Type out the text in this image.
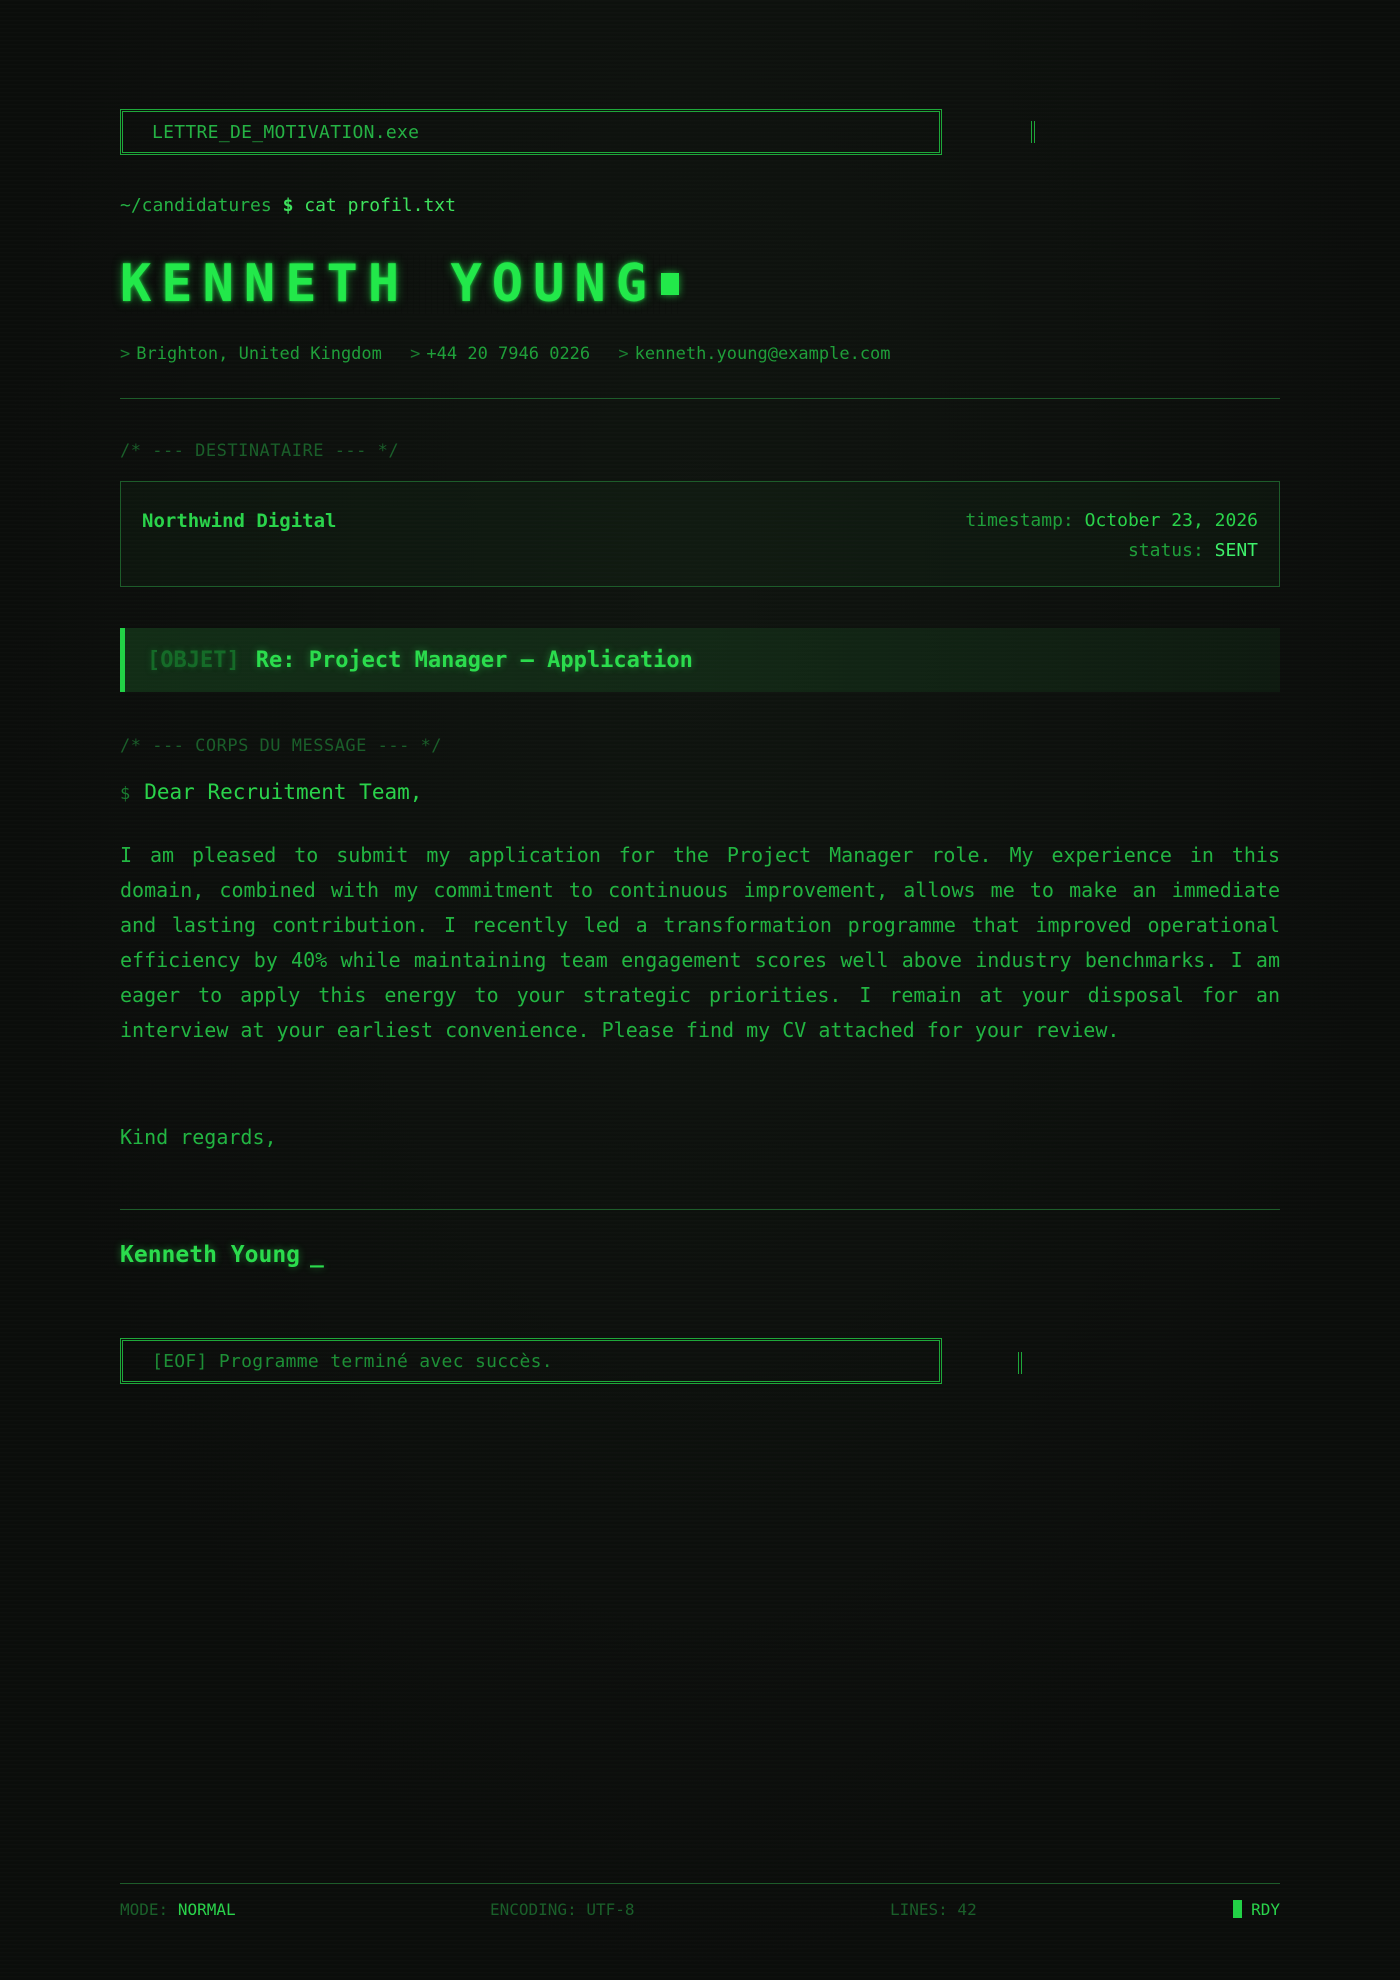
LETTRE_DE_MOTIVATION.exe
~/candidatures $ cat profil.txt
KENNETH YOUNG
> Brighton, United Kingdom > +44 20 7946 0226 > kenneth.young@example.com
/* --- DESTINATAIRE --- */
Northwind Digital	timestamp: October 23, 2026
status: SENT
[OBJET] Re: Project Manager — Application
/* --- CORPS DU MESSAGE --- */
$ Dear Recruitment Team,

I am pleased to submit my application for the Project Manager role. My experience in this domain, combined with my commitment to continuous improvement, allows me to make an immediate and lasting contribution. I recently led a transformation programme that improved operational efficiency by 40% while maintaining team engagement scores well above industry benchmarks. I am eager to apply this energy to your strategic priorities. I remain at your disposal for an interview at your earliest convenience. Please find my CV attached for your review.

Kind regards,
Kenneth Young _
[EOF] Programme terminé avec succès.
MODE: NORMAL	ENCODING: UTF-8	LINES: 42	RDY
